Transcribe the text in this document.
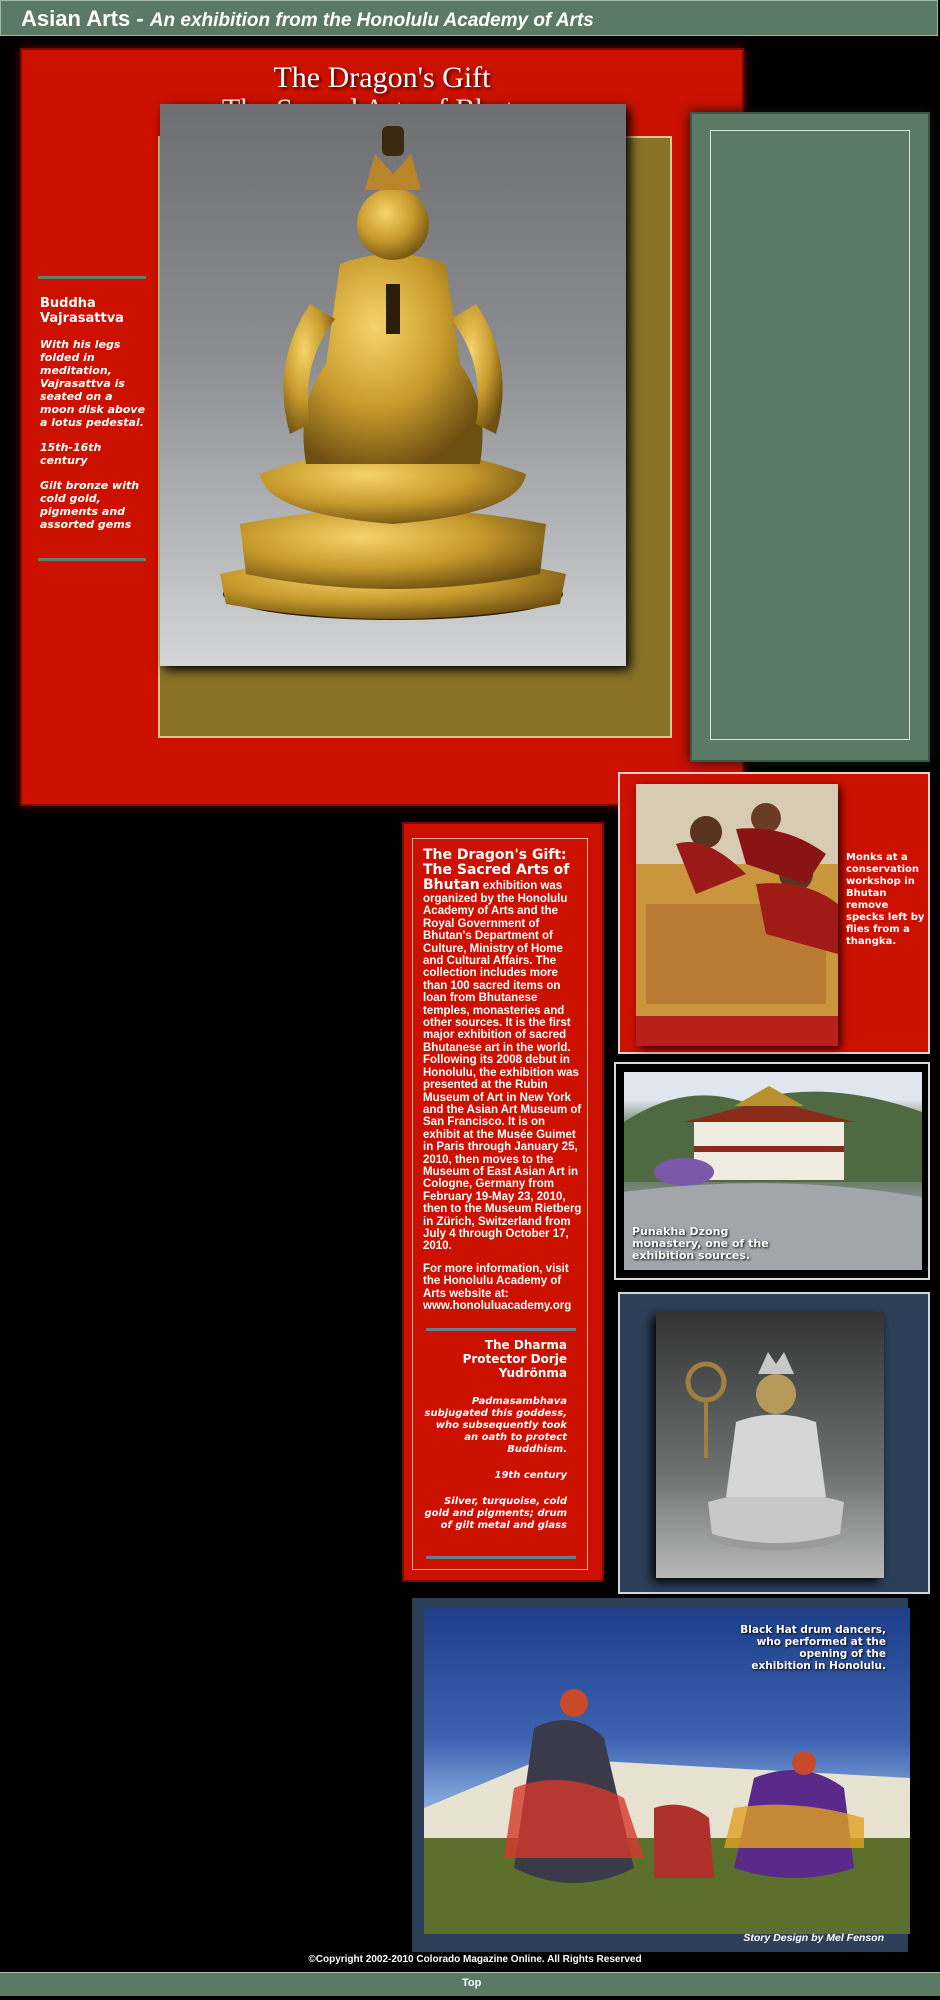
Asian Arts - An exhibition from the Honolulu Academy of Arts
The Dragon's Gift
Buddha Vajrasattva
With his legs folded in meditation, Vajrasattva is seated on a moon disk above a lotus pedestal.
15th-16th century
Gilt bronze with cold gold, pigments and assorted gems
Monks at a conservation workshop in Bhutan remove specks left by flies from a thangka.

The Dragon's Gift: The Sacred Arts of Bhutan exhibition was organized by the Honolulu Academy of Arts and the Royal Government of Bhutan's Department of Culture, Ministry of Home and Cultural Affairs. The collection includes more than 100 sacred items on loan from Bhutanese temples, monasteries and other sources. It is the first major exhibition of sacred Bhutanese art in the world. Following its 2008 debut in Honolulu, the exhibition was presented at the Rubin Museum of Art in New York and the Asian Art Museum of San Francisco. It is on exhibit at the Musée Guimet in Paris through January 25, 2010, then moves to the Museum of East Asian Art in Cologne, Germany from February 19-May 23, 2010, then to the Museum Rietberg in Zürich, Switzerland from July 4 through October 17, 2010.

For more information, visit the Honolulu Academy of Arts website at:
www.honoluluacademy.org

The Dharma Protector Dorje Yudrönma
Padmasambhava subjugated this goddess, who subsequently took an oath to protect Buddhism.
19th century
Silver, turquoise, cold gold and pigments; drum of gilt metal and glass
Punakha Dzong monastery, one of the exhibition sources.
Black Hat drum dancers, who performed at the opening of the exhibition in Honolulu.
Story Design by Mel Fenson
©Copyright 2002-2010 Colorado Magazine Online. All Rights Reserved
Top
